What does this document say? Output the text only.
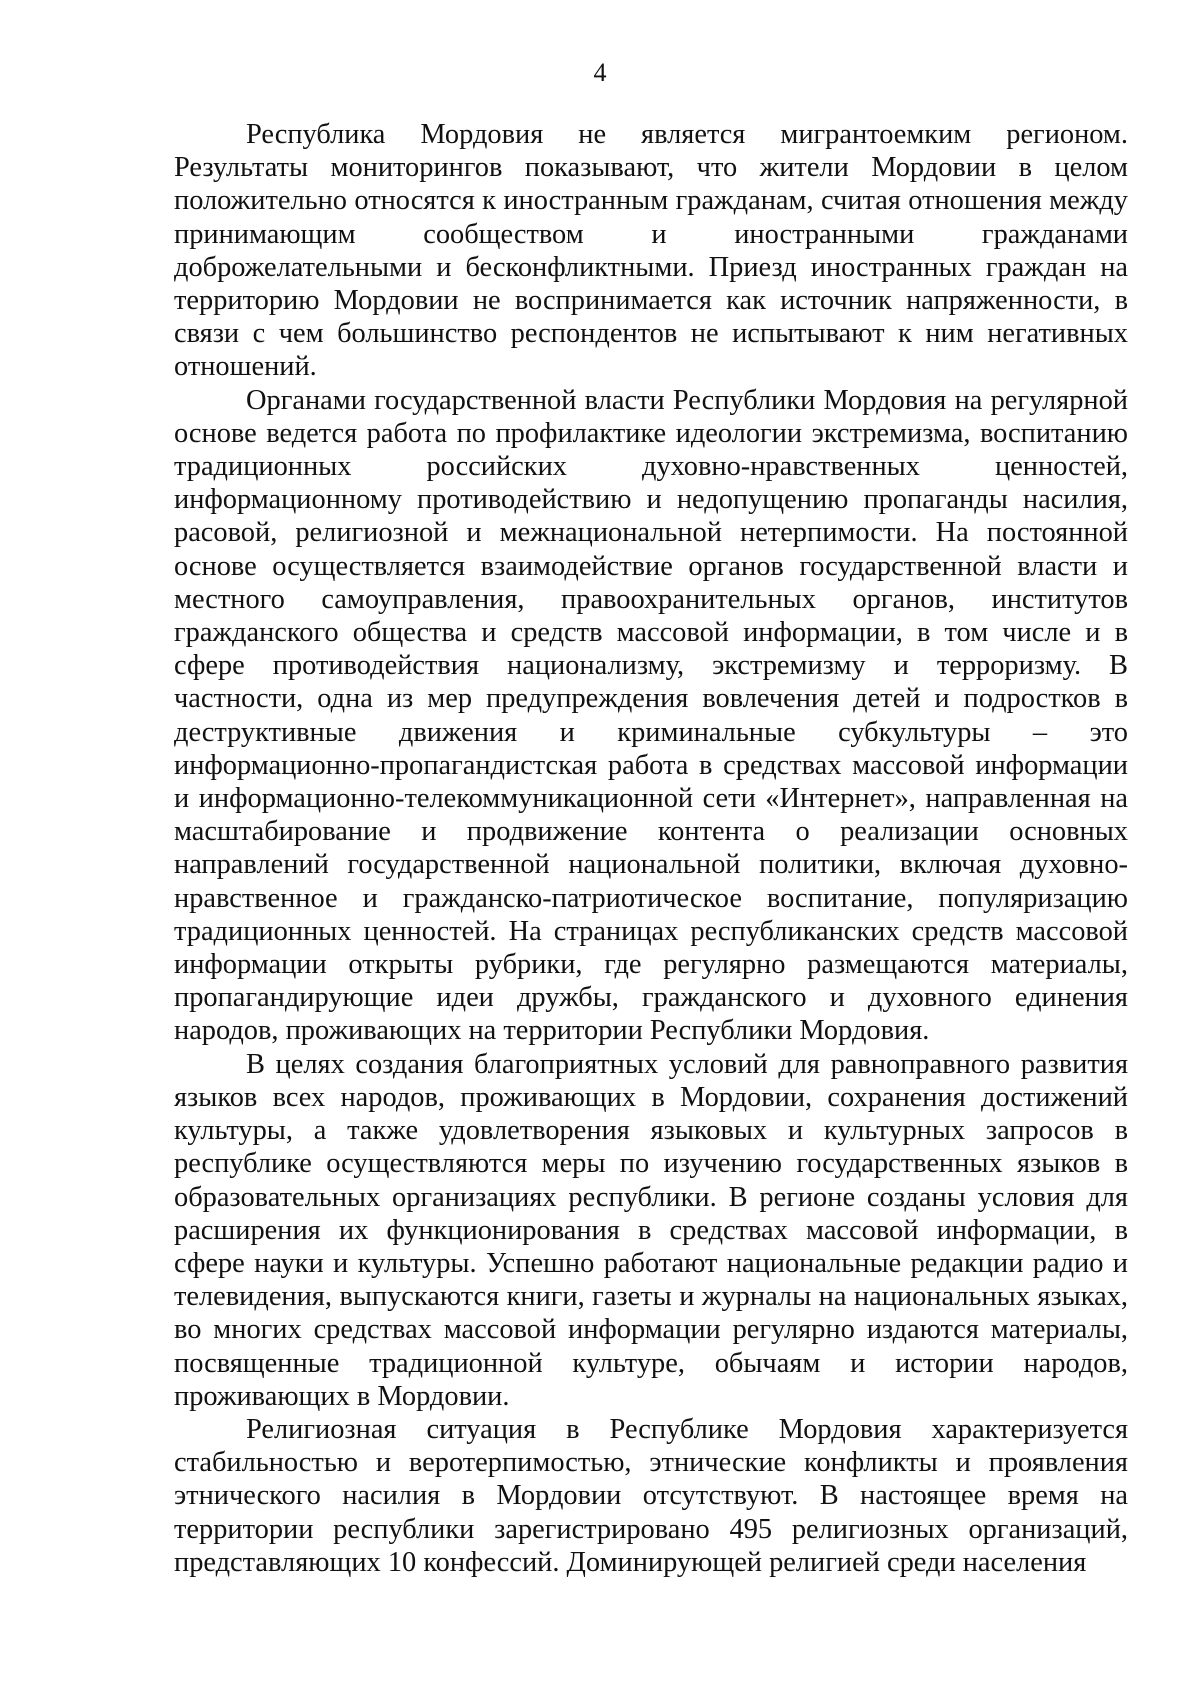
4

Республика Мордовия не является мигрантоемким регионом. Результаты мониторингов показывают, что жители Мордовии в целом положительно относятся к иностранным гражданам, считая отношения между принимающим сообществом и иностранными гражданами доброжелательными и бесконфликтными. Приезд иностранных граждан на территорию Мордовии не воспринимается как источник напряженности, в связи с чем большинство респондентов не испытывают к ним негативных отношений.

Органами государственной власти Республики Мордовия на регулярной основе ведется работа по профилактике идеологии экстремизма, воспитанию традиционных российских духовно-нравственных ценностей, информационному противодействию и недопущению пропаганды насилия, расовой, религиозной и межнациональной нетерпимости. На постоянной основе осуществляется взаимодействие органов государственной власти и местного самоуправления, правоохранительных органов, институтов гражданского общества и средств массовой информации, в том числе и в сфере противодействия национализму, экстремизму и терроризму. В частности, одна из мер предупреждения вовлечения детей и подростков в деструктивные движения и криминальные субкультуры – это информационно-пропагандистская работа в средствах массовой информации и информационно-телекоммуникационной сети «Интернет», направленная на масштабирование и продвижение контента о реализации основных направлений государственной национальной политики, включая духовно-нравственное и гражданско-патриотическое воспитание, популяризацию традиционных ценностей. На страницах республиканских средств массовой информации открыты рубрики, где регулярно размещаются материалы, пропагандирующие идеи дружбы, гражданского и духовного единения народов, проживающих на территории Республики Мордовия.

В целях создания благоприятных условий для равноправного развития языков всех народов, проживающих в Мордовии, сохранения достижений культуры, а также удовлетворения языковых и культурных запросов в республике осуществляются меры по изучению государственных языков в образовательных организациях республики. В регионе созданы условия для расширения их функционирования в средствах массовой информации, в сфере науки и культуры. Успешно работают национальные редакции радио и телевидения, выпускаются книги, газеты и журналы на национальных языках, во многих средствах массовой информации регулярно издаются материалы, посвященные традиционной культуре, обычаям и истории народов, проживающих в Мордовии.

Религиозная ситуация в Республике Мордовия характеризуется стабильностью и веротерпимостью, этнические конфликты и проявления этнического насилия в Мордовии отсутствуют. В настоящее время на территории республики зарегистрировано 495 религиозных организаций, представляющих 10 конфессий. Доминирующей религией среди населения
